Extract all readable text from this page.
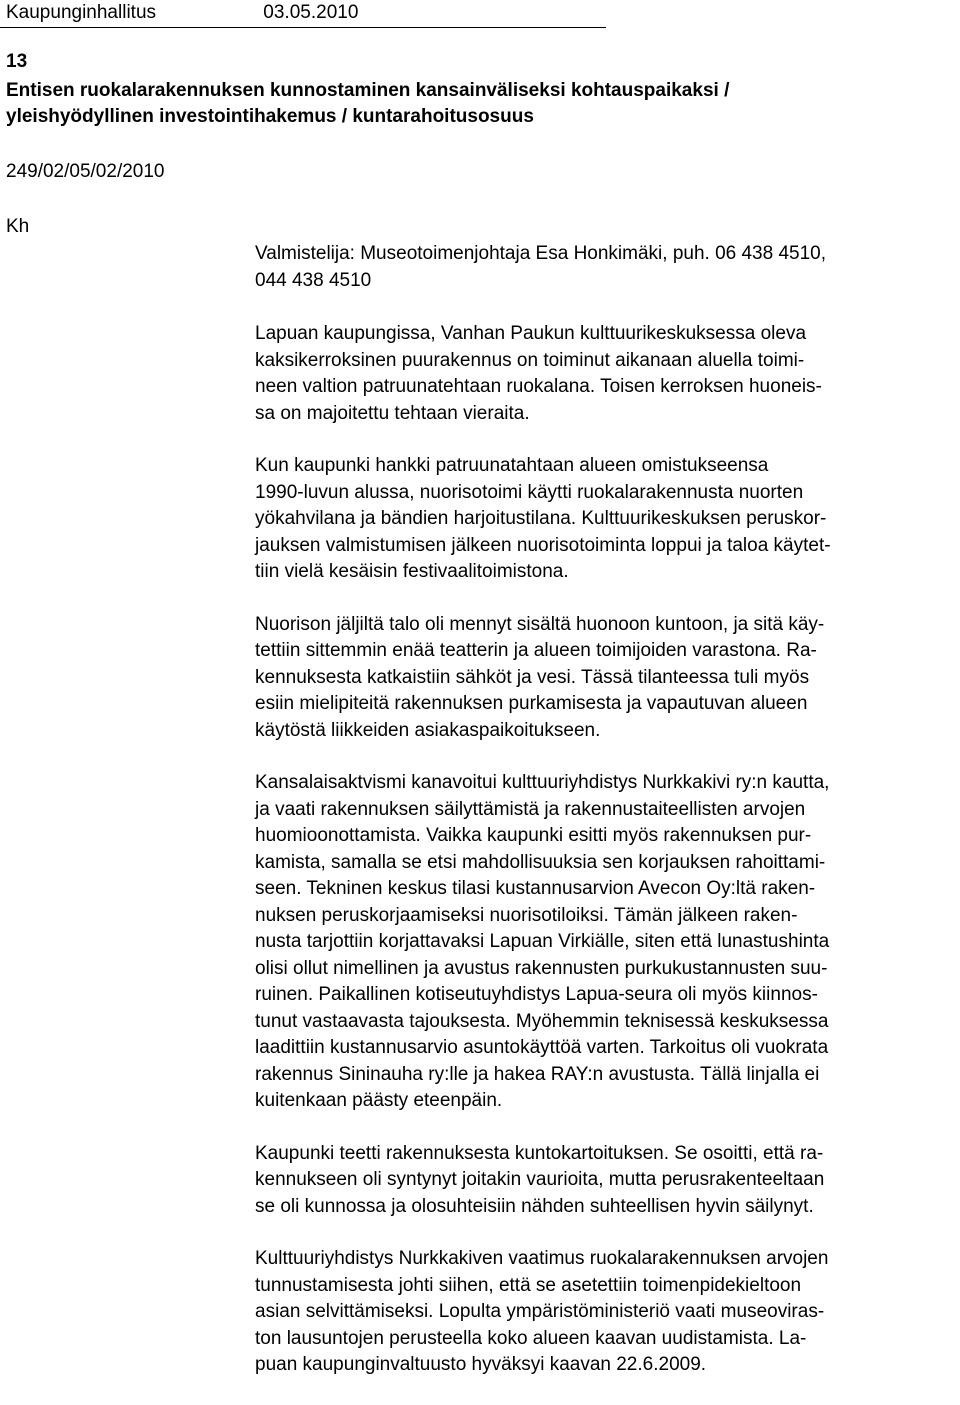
Kaupunginhallitus	03.05.2010
13
Entisen ruokalarakennuksen kunnostaminen kansainväliseksi kohtauspaikaksi /
yleishyödyllinen investointihakemus / kuntarahoitusosuus
249/02/05/02/2010
Kh
Valmistelija: Museotoimenjohtaja Esa Honkimäki, puh. 06 438 4510,
044 438 4510
Lapuan kaupungissa, Vanhan Paukun kulttuurikeskuksessa oleva
kaksikerroksinen puurakennus on toiminut aikanaan aluella toimi-
neen valtion patruunatehtaan ruokalana. Toisen kerroksen huoneis-
sa on majoitettu tehtaan vieraita.
Kun kaupunki hankki patruunatahtaan alueen omistukseensa
1990-luvun alussa, nuorisotoimi käytti ruokalarakennusta nuorten
yökahvilana ja bändien harjoitustilana. Kulttuurikeskuksen peruskor-
jauksen valmistumisen jälkeen nuorisotoiminta loppui ja taloa käytet-
tiin vielä kesäisin festivaalitoimistona.
Nuorison jäljiltä talo oli mennyt sisältä huonoon kuntoon, ja sitä käy-
tettiin sittemmin enää teatterin ja alueen toimijoiden varastona. Ra-
kennuksesta katkaistiin sähköt ja vesi. Tässä tilanteessa tuli myös
esiin mielipiteitä rakennuksen purkamisesta ja vapautuvan alueen
käytöstä liikkeiden asiakaspaikoitukseen.
Kansalaisaktvismi kanavoitui kulttuuriyhdistys Nurkkakivi ry:n kautta,
ja vaati rakennuksen säilyttämistä ja rakennustaiteellisten arvojen
huomioonottamista. Vaikka kaupunki esitti myös rakennuksen pur-
kamista, samalla se etsi mahdollisuuksia sen korjauksen rahoittami-
seen. Tekninen keskus tilasi kustannusarvion Avecon Oy:ltä raken-
nuksen peruskorjaamiseksi nuorisotiloiksi. Tämän jälkeen raken-
nusta tarjottiin korjattavaksi Lapuan Virkiälle, siten että lunastushinta
olisi ollut nimellinen ja avustus rakennusten purkukustannusten suu-
ruinen. Paikallinen kotiseutuyhdistys Lapua-seura oli myös kiinnos-
tunut vastaavasta tajouksesta. Myöhemmin teknisessä keskuksessa
laadittiin kustannusarvio asuntokäyttöä varten. Tarkoitus oli vuokrata
rakennus Sininauha ry:lle ja hakea RAY:n avustusta. Tällä linjalla ei
kuitenkaan päästy eteenpäin.
Kaupunki teetti rakennuksesta kuntokartoituksen. Se osoitti, että ra-
kennukseen oli syntynyt joitakin vaurioita, mutta perusrakenteeltaan
se oli kunnossa ja olosuhteisiin nähden suhteellisen hyvin säilynyt.
Kulttuuriyhdistys Nurkkakiven vaatimus ruokalarakennuksen arvojen
tunnustamisesta johti siihen, että se asetettiin toimenpidekieltoon
asian selvittämiseksi. Lopulta ympäristöministeriö vaati museoviras-
ton lausuntojen perusteella koko alueen kaavan uudistamista. La-
puan kaupunginvaltuusto hyväksyi kaavan 22.6.2009.
